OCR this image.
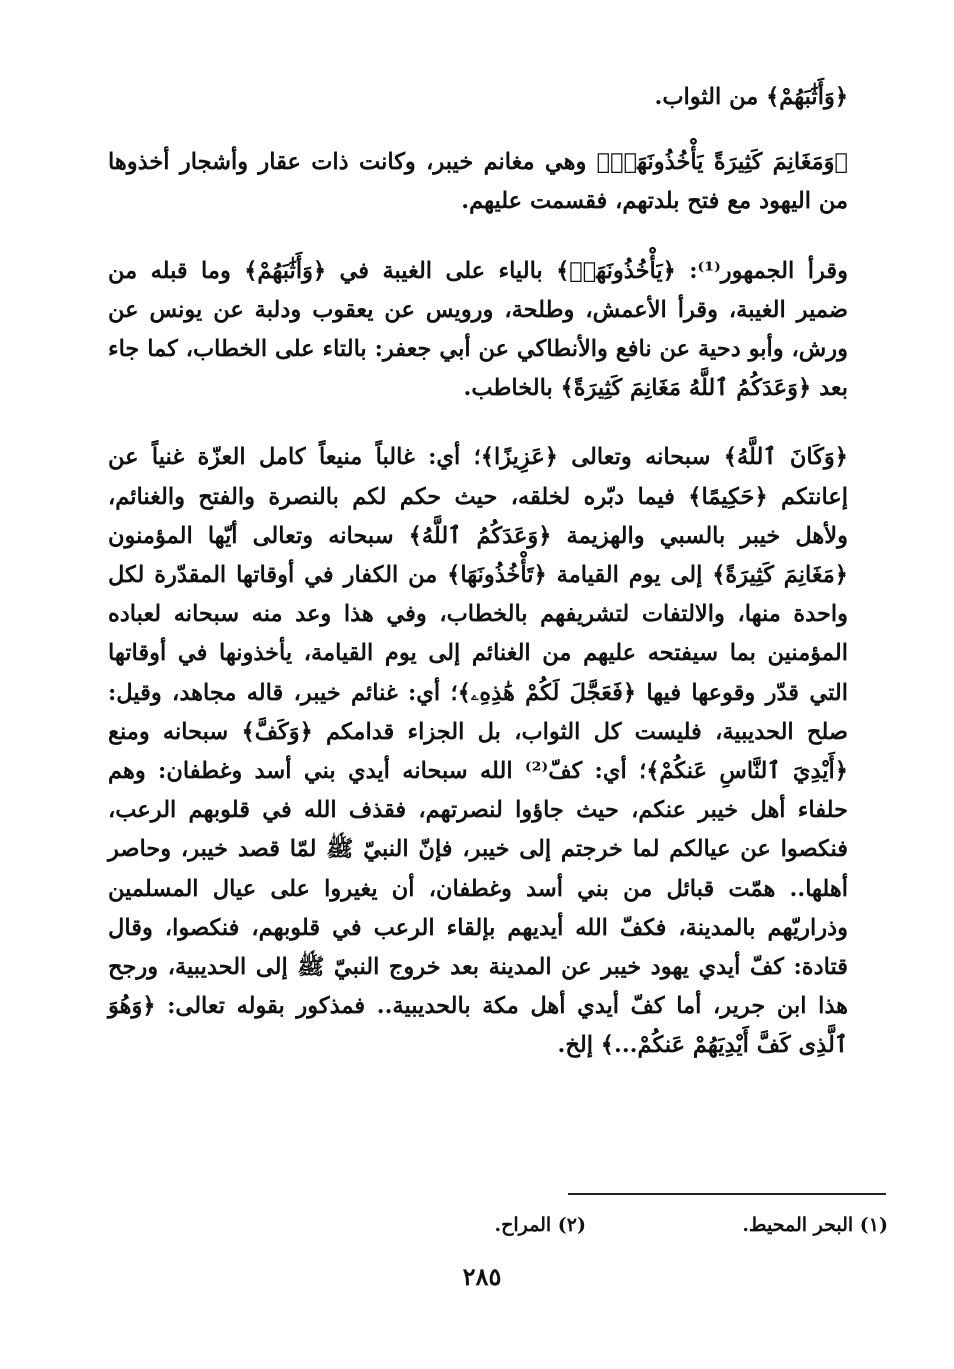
﴿وَأَثَٰبَهُمْ﴾ من الثواب.

﴿وَمَغَانِمَ كَثِيرَةً يَأْخُذُونَهَاۗ﴾ وهي مغانم خيبر، وكانت ذات عقار وأشجار أخذوها من اليهود مع فتح بلدتهم، فقسمت عليهم.

وقرأ الجمهور⁽¹⁾: ﴿يَأْخُذُونَهَاۗ﴾ بالياء على الغيبة في ﴿وَأَثَٰبَهُمْ﴾ وما قبله من ضمير الغيبة، وقرأ الأعمش، وطلحة، ورويس عن يعقوب ودلبة عن يونس عن ورش، وأبو دحية عن نافع والأنطاكي عن أبي جعفر: بالتاء على الخطاب، كما جاء بعد ﴿وَعَدَكُمُ ٱللَّهُ مَغَانِمَ كَثِيرَةً﴾ بالخاطب.

﴿وَكَانَ ٱللَّهُ﴾ سبحانه وتعالى ﴿عَزِيزًا﴾؛ أي: غالباً منيعاً كامل العزّة غنياً عن إعانتكم ﴿حَكِيمًا﴾ فيما دبّره لخلقه، حيث حكم لكم بالنصرة والفتح والغنائم، ولأهل خيبر بالسبي والهزيمة ﴿وَعَدَكُمُ ٱللَّهُ﴾ سبحانه وتعالى أيّها المؤمنون ﴿مَغَانِمَ كَثِيرَةً﴾ إلى يوم القيامة ﴿تَأْخُذُونَهَا﴾ من الكفار في أوقاتها المقدّرة لكل واحدة منها، والالتفات لتشريفهم بالخطاب، وفي هذا وعد منه سبحانه لعباده المؤمنين بما سيفتحه عليهم من الغنائم إلى يوم القيامة، يأخذونها في أوقاتها التي قدّر وقوعها فيها ﴿فَعَجَّلَ لَكُمْ هَٰذِهِۦ﴾؛ أي: غنائم خيبر، قاله مجاهد، وقيل: صلح الحديبية، فليست كل الثواب، بل الجزاء قدامكم ﴿وَكَفَّ﴾ سبحانه ومنع ﴿أَيْدِيَ ٱلنَّاسِ عَنكُمْ﴾؛ أي: كفّ⁽²⁾ الله سبحانه أيدي بني أسد وغطفان: وهم حلفاء أهل خيبر عنكم، حيث جاؤوا لنصرتهم، فقذف الله في قلوبهم الرعب، فنكصوا عن عيالكم لما خرجتم إلى خيبر، فإنّ النبيّ ﷺ لمّا قصد خيبر، وحاصر أهلها.. همّت قبائل من بني أسد وغطفان، أن يغيروا على عيال المسلمين وذراريّهم بالمدينة، فكفّ الله أيديهم بإلقاء الرعب في قلوبهم، فنكصوا، وقال قتادة: كفّ أيدي يهود خيبر عن المدينة بعد خروج النبيّ ﷺ إلى الحديبية، ورجح هذا ابن جرير، أما كفّ أيدي أهل مكة بالحديبية.. فمذكور بقوله تعالى: ﴿وَهُوَ ٱلَّذِى كَفَّ أَيْدِيَهُمْ عَنكُمْ...﴾ إلخ.

(١) البحر المحيط.
(٢) المراح.
٢٨٥
